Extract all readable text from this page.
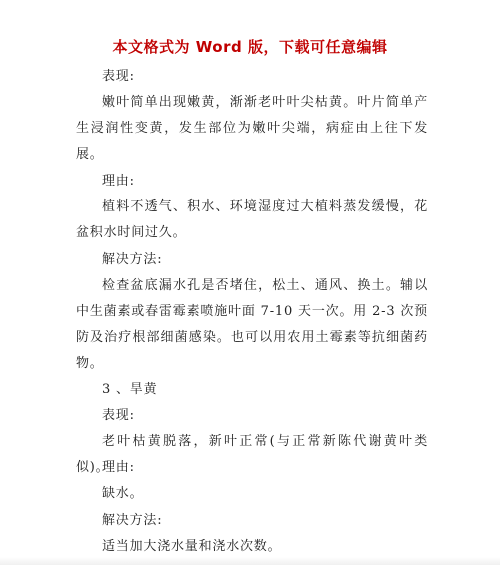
本文格式为 Word 版，下载可任意编辑
表现:
嫩叶简单出现嫩黄，渐渐老叶叶尖枯黄。叶片简单产生浸润性变黄，发生部位为嫩叶尖端，病症由上往下发展。
理由:
植料不透气、积水、环境湿度过大植料蒸发缓慢，花盆积水时间过久。
解决方法:
检查盆底漏水孔是否堵住，松土、通风、换土。辅以中生菌素或春雷霉素喷施叶面 7-10 天一次。用 2-3 次预防及治疗根部细菌感染。也可以用农用土霉素等抗细菌药物。
3 、旱黄
表现:
老叶枯黄脱落，新叶正常(与正常新陈代谢黄叶类似)。
理由:
缺水。
解决方法:
适当加大浇水量和浇水次数。
